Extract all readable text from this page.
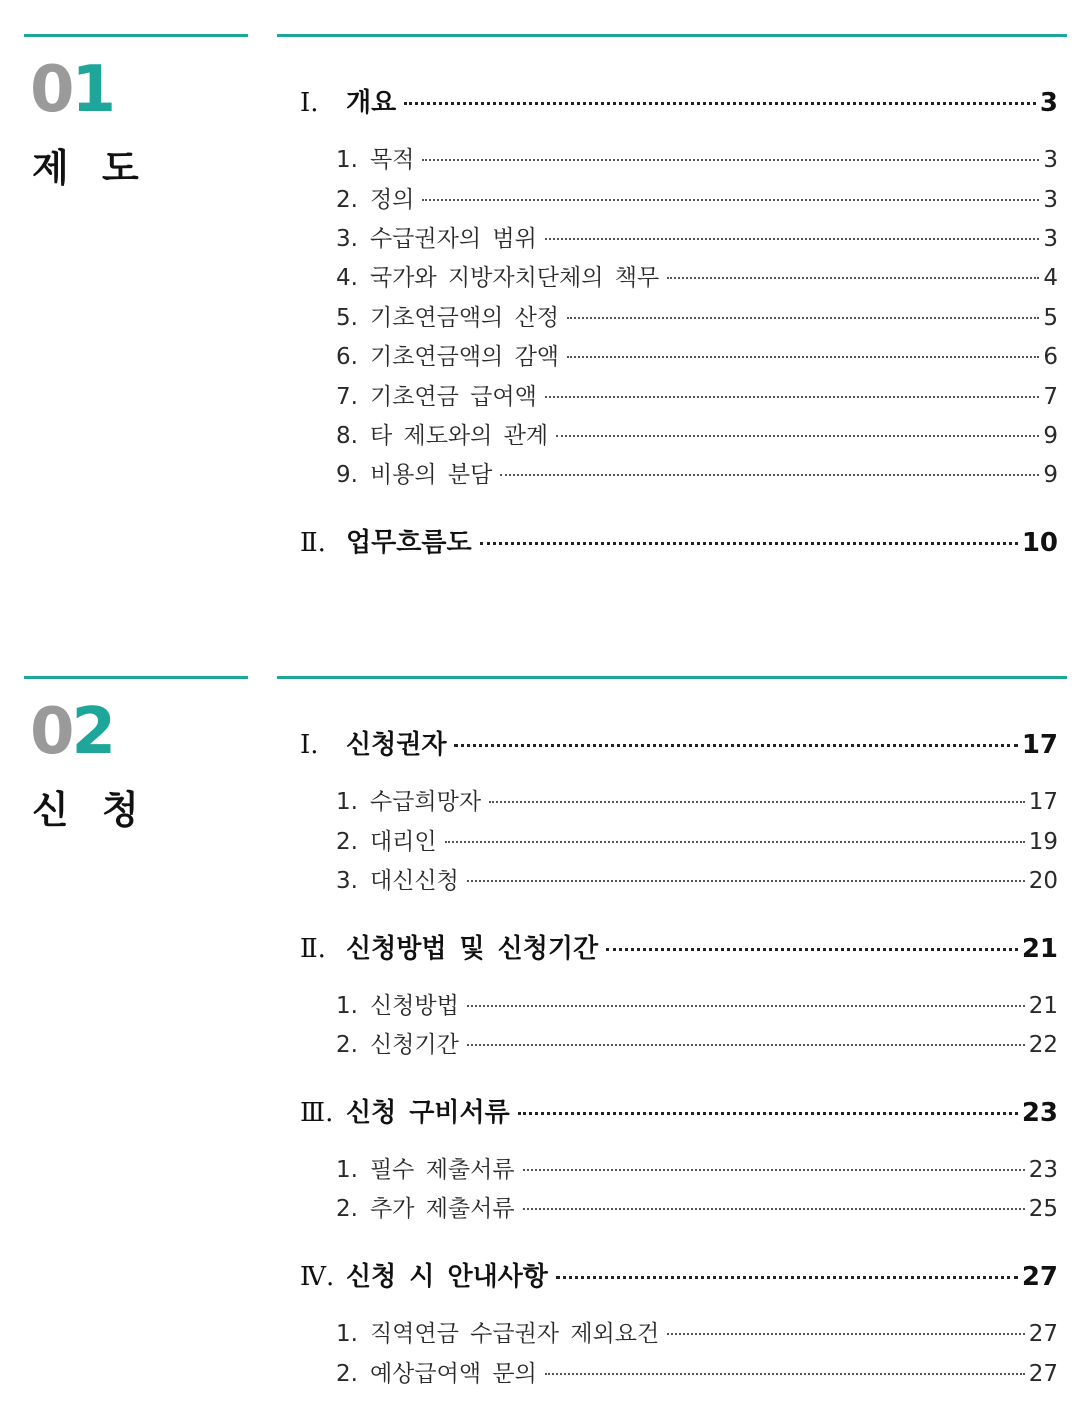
01
제 도
Ⅰ.	개요	3
1. 목적	3
2. 정의	3
3. 수급권자의 범위	3
4. 국가와 지방자치단체의 책무	4
5. 기초연금액의 산정	5
6. 기초연금액의 감액	6
7. 기초연금 급여액	7
8. 타 제도와의 관계	9
9. 비용의 분담	9
Ⅱ. 업무흐름도	10
02
신 청
Ⅰ.	신청권자	17
1. 수급희망자	17
2. 대리인	19
3. 대신신청	20
Ⅱ. 신청방법 및 신청기간	21
1. 신청방법	21
2. 신청기간	22
Ⅲ. 신청 구비서류	23
1. 필수 제출서류	23
2. 추가 제출서류	25
Ⅳ. 신청 시 안내사항	27
1. 직역연금 수급권자 제외요건	27
2. 예상급여액 문의	27
